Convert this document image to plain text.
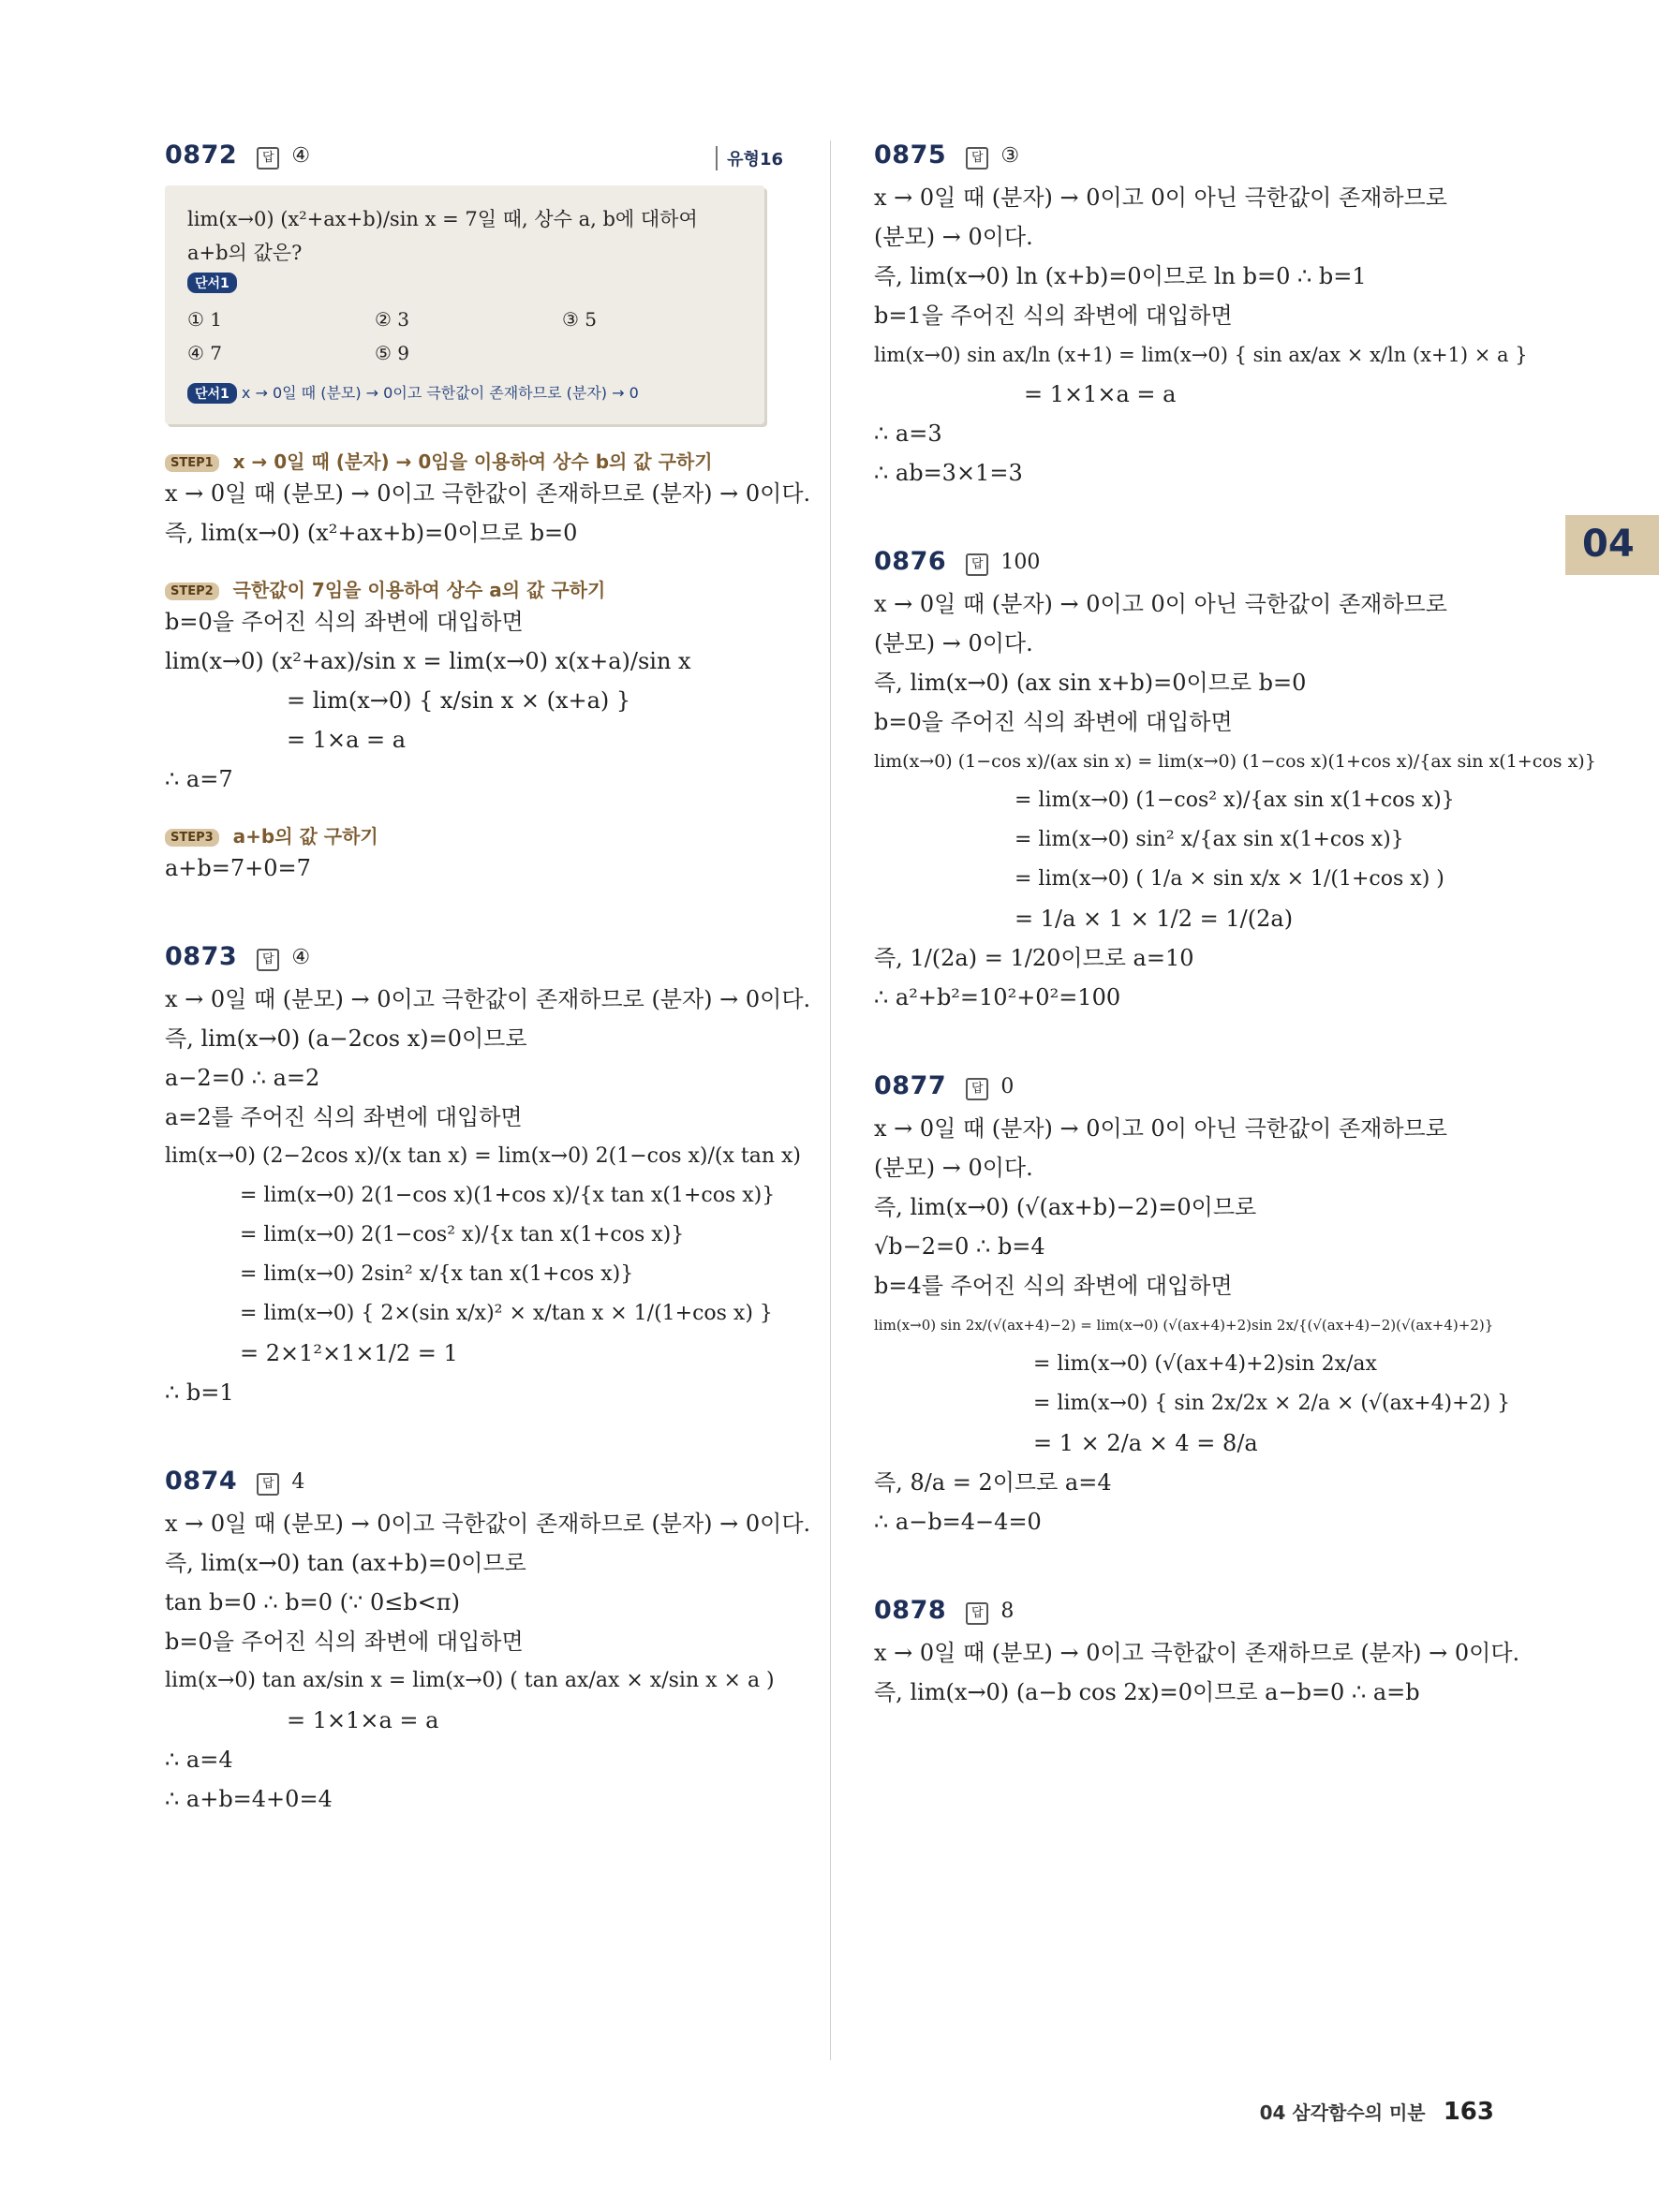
0872 답 ④	유형16
lim(x→0) (x²+ax+b)/sin x = 7일 때, 상수 a, b에 대하여 a+b의 값은?
단서1
① 1	② 3	③ 5
④ 7	⑤ 9
단서1 x → 0일 때 (분모) → 0이고 극한값이 존재하므로 (분자) → 0
STEP1 x → 0일 때 (분자) → 0임을 이용하여 상수 b의 값 구하기
x → 0일 때 (분모) → 0이고 극한값이 존재하므로 (분자) → 0이다.
즉, lim(x→0) (x²+ax+b)=0이므로 b=0
STEP2 극한값이 7임을 이용하여 상수 a의 값 구하기
b=0을 주어진 식의 좌변에 대입하면
lim(x→0) (x²+ax)/sin x = lim(x→0) x(x+a)/sin x
= lim(x→0) { x/sin x × (x+a) }
= 1×a = a
∴ a=7
STEP3 a+b의 값 구하기
a+b=7+0=7
0873 답 ④
x → 0일 때 (분모) → 0이고 극한값이 존재하므로 (분자) → 0이다.
즉, lim(x→0) (a−2cos x)=0이므로
a−2=0 ∴ a=2
a=2를 주어진 식의 좌변에 대입하면
lim(x→0) (2−2cos x)/(x tan x) = lim(x→0) 2(1−cos x)/(x tan x)
= lim(x→0) 2(1−cos x)(1+cos x)/{x tan x(1+cos x)}
= lim(x→0) 2(1−cos² x)/{x tan x(1+cos x)}
= lim(x→0) 2sin² x/{x tan x(1+cos x)}
= lim(x→0) { 2×(sin x/x)² × x/tan x × 1/(1+cos x) }
= 2×1²×1×1/2 = 1
∴ b=1
0874 답 4
x → 0일 때 (분모) → 0이고 극한값이 존재하므로 (분자) → 0이다.
즉, lim(x→0) tan (ax+b)=0이므로
tan b=0 ∴ b=0 (∵ 0≤b<π)
b=0을 주어진 식의 좌변에 대입하면
lim(x→0) tan ax/sin x = lim(x→0) ( tan ax/ax × x/sin x × a )
= 1×1×a = a
∴ a=4
∴ a+b=4+0=4
0875 답 ③
x → 0일 때 (분자) → 0이고 0이 아닌 극한값이 존재하므로
(분모) → 0이다.
즉, lim(x→0) ln (x+b)=0이므로 ln b=0 ∴ b=1
b=1을 주어진 식의 좌변에 대입하면
lim(x→0) sin ax/ln (x+1) = lim(x→0) { sin ax/ax × x/ln (x+1) × a }
= 1×1×a = a
∴ a=3
∴ ab=3×1=3
0876 답 100
x → 0일 때 (분자) → 0이고 0이 아닌 극한값이 존재하므로
(분모) → 0이다.
즉, lim(x→0) (ax sin x+b)=0이므로 b=0
b=0을 주어진 식의 좌변에 대입하면
lim(x→0) (1−cos x)/(ax sin x) = lim(x→0) (1−cos x)(1+cos x)/{ax sin x(1+cos x)}
= lim(x→0) (1−cos² x)/{ax sin x(1+cos x)}
= lim(x→0) sin² x/{ax sin x(1+cos x)}
= lim(x→0) ( 1/a × sin x/x × 1/(1+cos x) )
= 1/a × 1 × 1/2 = 1/(2a)
즉, 1/(2a) = 1/20이므로 a=10
∴ a²+b²=10²+0²=100
0877 답 0
x → 0일 때 (분자) → 0이고 0이 아닌 극한값이 존재하므로
(분모) → 0이다.
즉, lim(x→0) (√(ax+b)−2)=0이므로
√b−2=0 ∴ b=4
b=4를 주어진 식의 좌변에 대입하면
lim(x→0) sin 2x/(√(ax+4)−2) = lim(x→0) (√(ax+4)+2)sin 2x/{(√(ax+4)−2)(√(ax+4)+2)}
= lim(x→0) (√(ax+4)+2)sin 2x/ax
= lim(x→0) { sin 2x/2x × 2/a × (√(ax+4)+2) }
= 1 × 2/a × 4 = 8/a
즉, 8/a = 2이므로 a=4
∴ a−b=4−4=0
0878 답 8
x → 0일 때 (분모) → 0이고 극한값이 존재하므로 (분자) → 0이다.
즉, lim(x→0) (a−b cos 2x)=0이므로 a−b=0 ∴ a=b
04
04 삼각함수의 미분 163
